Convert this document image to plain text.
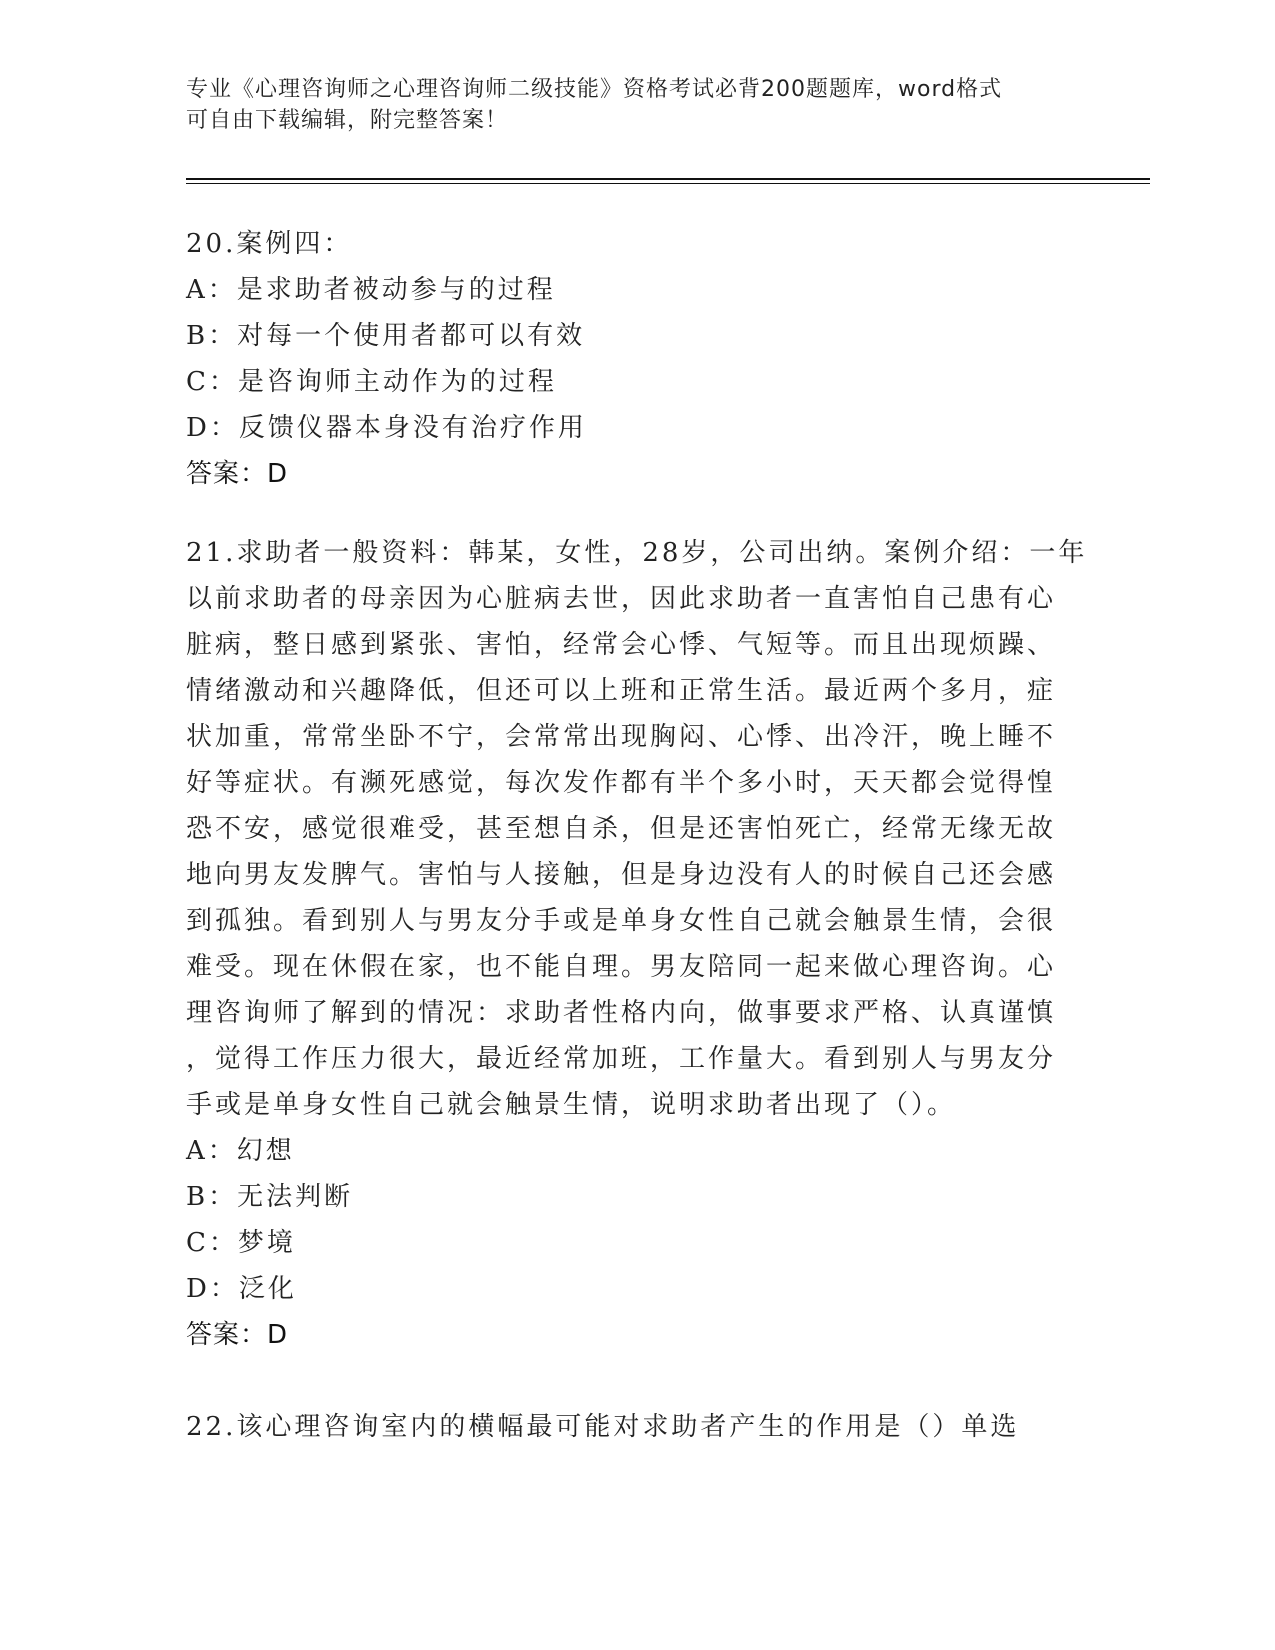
专业《心理咨询师之心理咨询师二级技能》资格考试必背200题题库，word格式
可自由下载编辑，附完整答案！
20.案例四：
A：是求助者被动参与的过程
B：对每一个使用者都可以有效
C：是咨询师主动作为的过程
D：反馈仪器本身没有治疗作用
答案：D
21.求助者一般资料：韩某，女性，28岁，公司出纳。案例介绍：一年
以前求助者的母亲因为心脏病去世，因此求助者一直害怕自己患有心
脏病，整日感到紧张、害怕，经常会心悸、气短等。而且出现烦躁、
情绪激动和兴趣降低，但还可以上班和正常生活。最近两个多月，症
状加重，常常坐卧不宁，会常常出现胸闷、心悸、出冷汗，晚上睡不
好等症状。有濒死感觉，每次发作都有半个多小时，天天都会觉得惶
恐不安，感觉很难受，甚至想自杀，但是还害怕死亡，经常无缘无故
地向男友发脾气。害怕与人接触，但是身边没有人的时候自己还会感
到孤独。看到别人与男友分手或是单身女性自己就会触景生情，会很
难受。现在休假在家，也不能自理。男友陪同一起来做心理咨询。心
理咨询师了解到的情况：求助者性格内向，做事要求严格、认真谨慎
，觉得工作压力很大，最近经常加班，工作量大。看到别人与男友分
手或是单身女性自己就会触景生情，说明求助者出现了（）。
A：幻想
B：无法判断
C：梦境
D：泛化
答案：D
22.该心理咨询室内的横幅最可能对求助者产生的作用是（）单选
